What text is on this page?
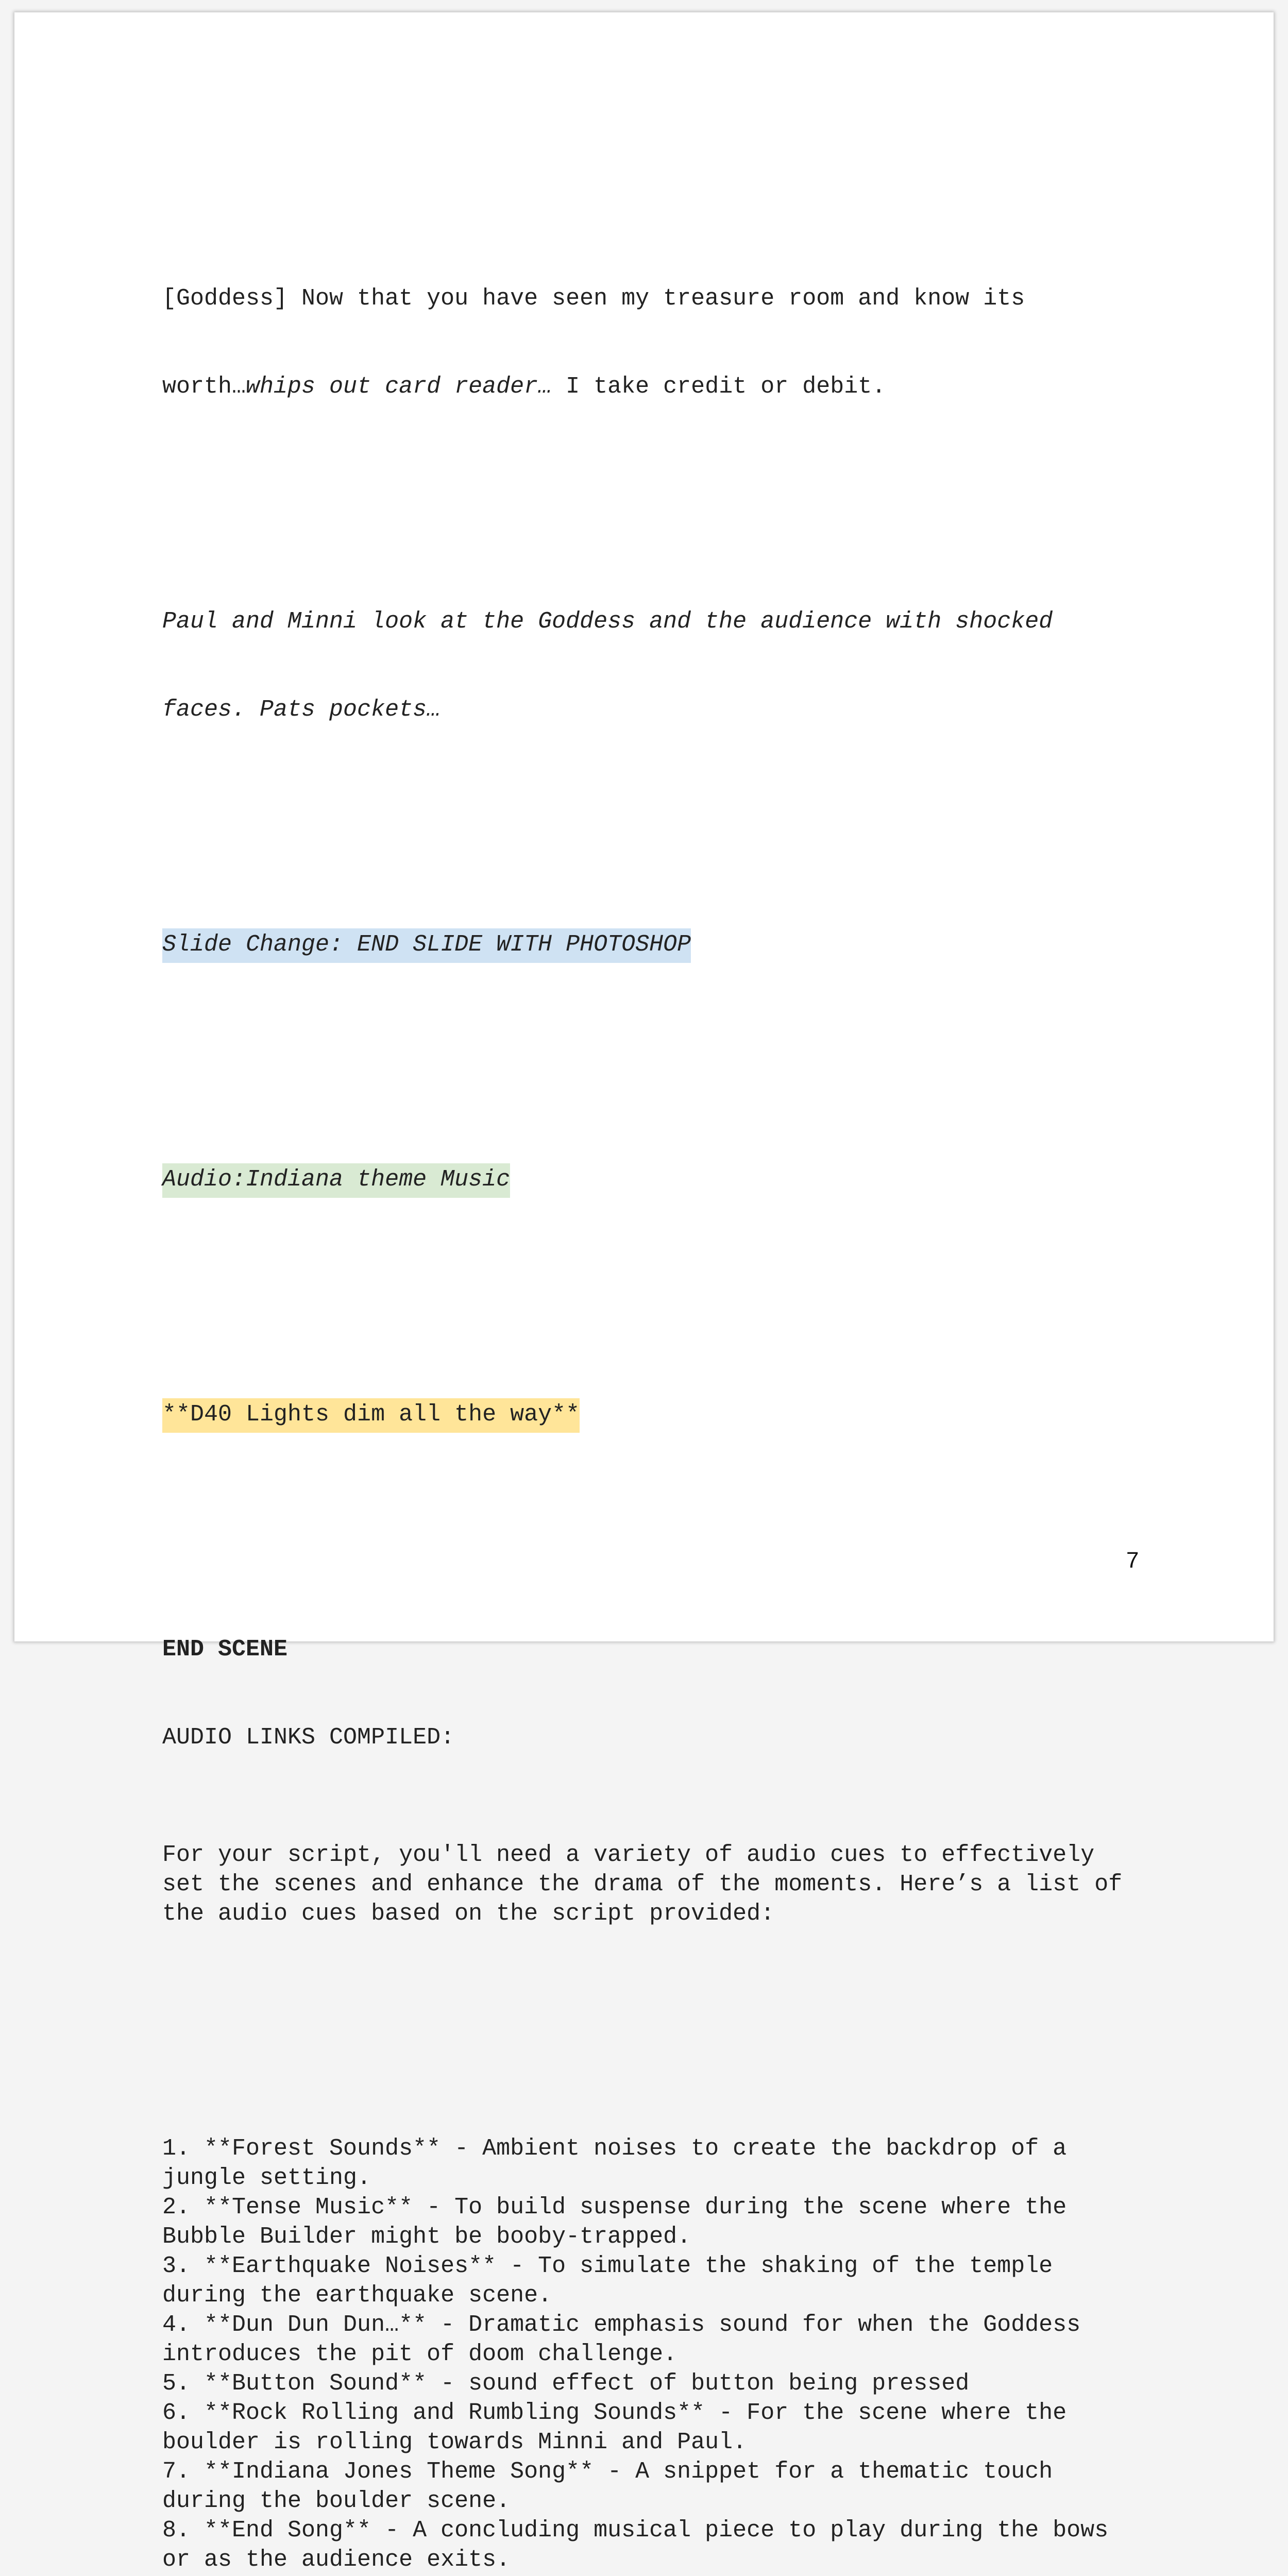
[Goddess] Now that you have seen my treasure room and know its

worth…whips out card reader… I take credit or debit.

Paul and Minni look at the Goddess and the audience with shocked

faces. Pats pockets…

Slide Change: END SLIDE WITH PHOTOSHOP

Audio:Indiana theme Music

**D40 Lights dim all the way**

END SCENE

AUDIO LINKS COMPILED:

For your script, you'll need a variety of audio cues to effectively
set the scenes and enhance the drama of the moments. Here’s a list of
the audio cues based on the script provided:

1. **Forest Sounds** - Ambient noises to create the backdrop of a
jungle setting.
2. **Tense Music** - To build suspense during the scene where the
Bubble Builder might be booby-trapped.
3. **Earthquake Noises** - To simulate the shaking of the temple
during the earthquake scene.
4. **Dun Dun Dun…** - Dramatic emphasis sound for when the Goddess
introduces the pit of doom challenge.
5. **Button Sound** - sound effect of button being pressed
6. **Rock Rolling and Rumbling Sounds** - For the scene where the
boulder is rolling towards Minni and Paul.
7. **Indiana Jones Theme Song** - A snippet for a thematic touch
during the boulder scene.
8. **End Song** - A concluding musical piece to play during the bows
or as the audience exits.

7
